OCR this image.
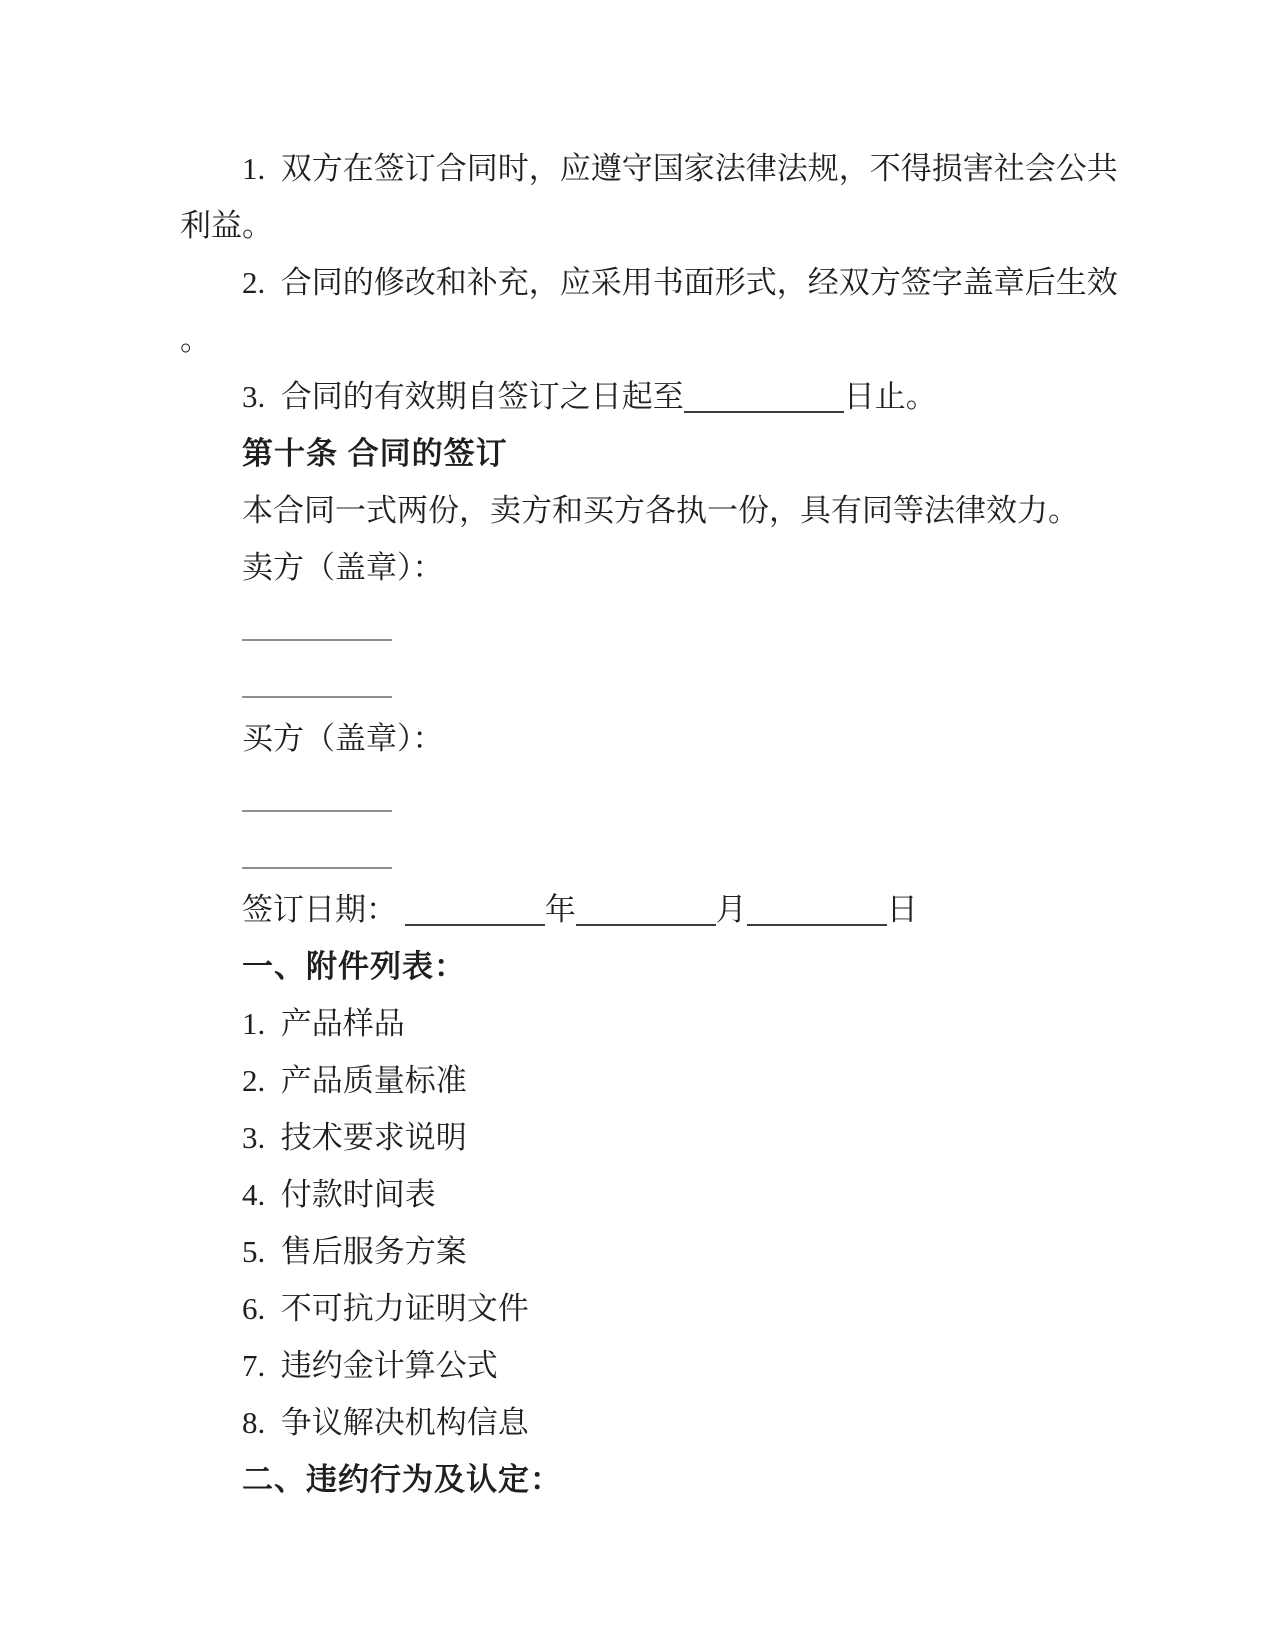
1.  双方在签订合同时，应遵守国家法律法规，不得损害社会公共
利益。
2.  合同的修改和补充，应采用书面形式，经双方签字盖章后生效
。
3.  合同的有效期自签订之日起至	日止。
第十条 合同的签订
本合同一式两份，卖方和买方各执一份，具有同等法律效力。
卖方（盖章）：
买方（盖章）：
签订日期：	年	月	日
一、附件列表：
1.  产品样品
2.  产品质量标准
3.  技术要求说明
4.  付款时间表
5.  售后服务方案
6.  不可抗力证明文件
7.  违约金计算公式
8.  争议解决机构信息
二、违约行为及认定：
